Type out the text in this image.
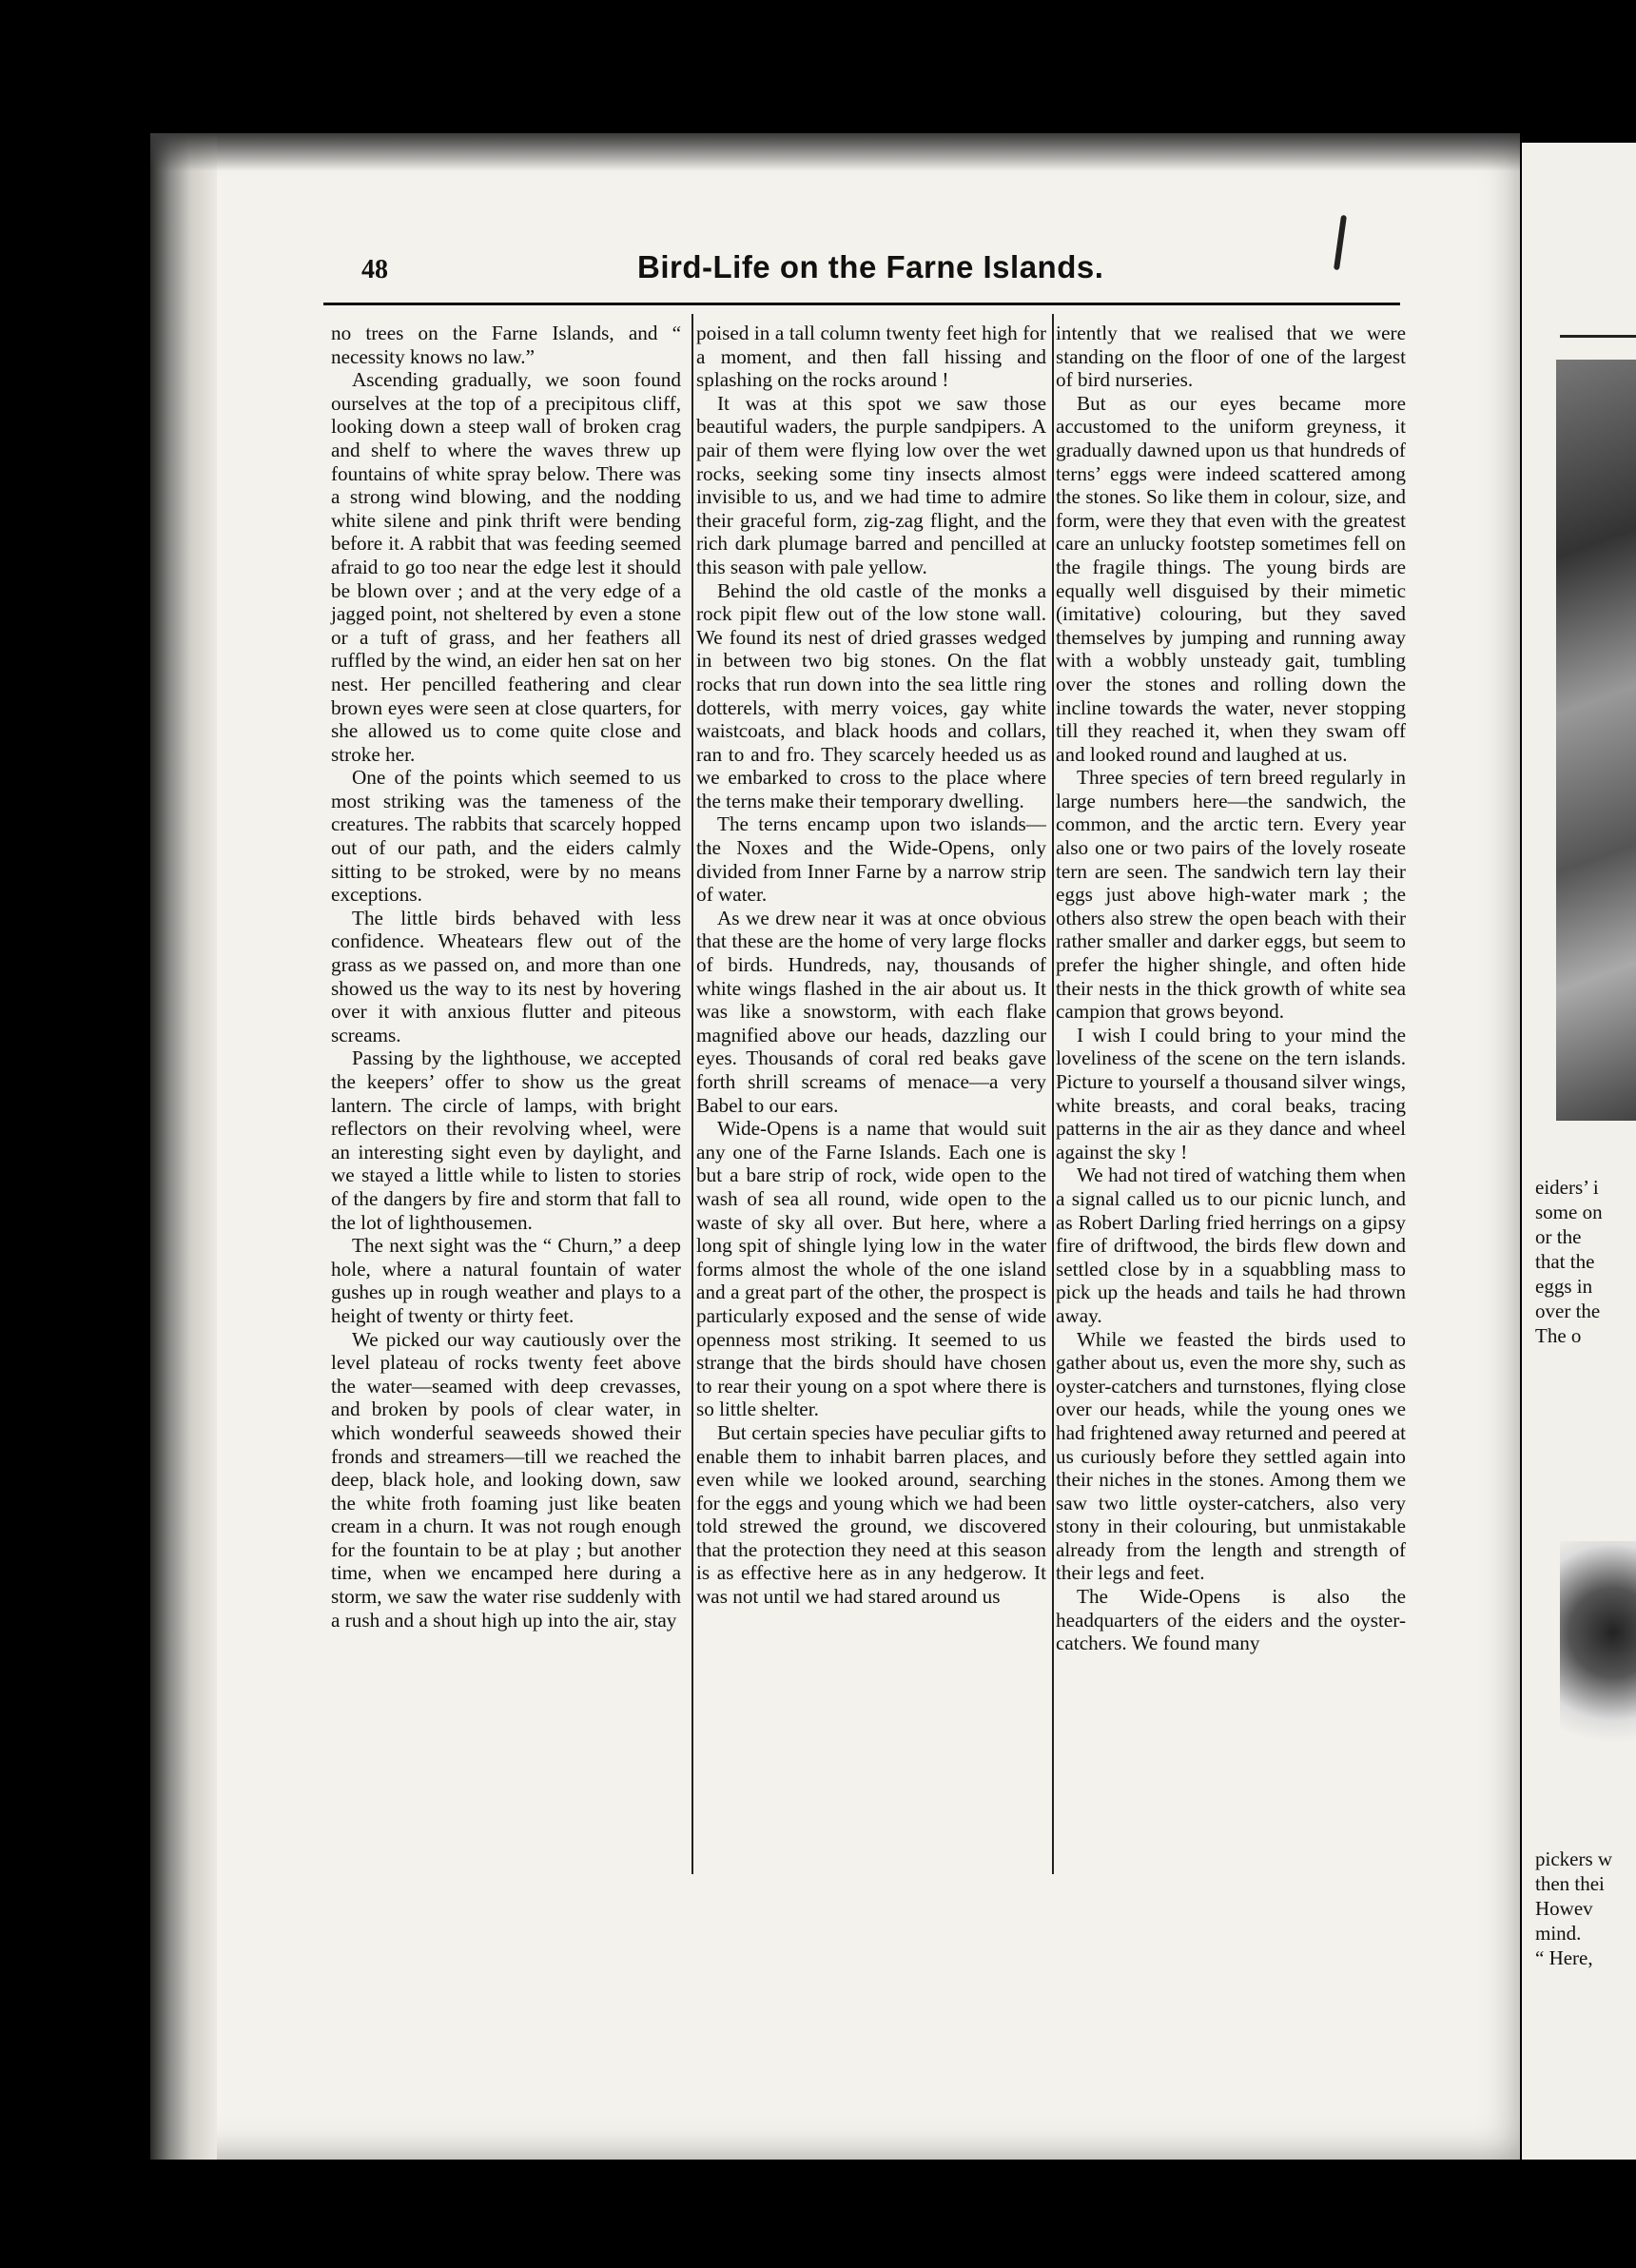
48	Bird-Life on the Farne Islands.

no trees on the Farne Islands, and “ necessity knows no law.”

Ascending gradually, we soon found ourselves at the top of a precipitous cliff, looking down a steep wall of broken crag and shelf to where the waves threw up fountains of white spray below. There was a strong wind blowing, and the nodding white silene and pink thrift were bending before it. A rabbit that was feeding seemed afraid to go too near the edge lest it should be blown over ; and at the very edge of a jagged point, not sheltered by even a stone or a tuft of grass, and her feathers all ruffled by the wind, an eider hen sat on her nest. Her pencilled feathering and clear brown eyes were seen at close quarters, for she allowed us to come quite close and stroke her.

One of the points which seemed to us most striking was the tameness of the creatures. The rabbits that scarcely hopped out of our path, and the eiders calmly sitting to be stroked, were by no means exceptions.

The little birds behaved with less confidence. Wheatears flew out of the grass as we passed on, and more than one showed us the way to its nest by hovering over it with anxious flutter and piteous screams.

Passing by the lighthouse, we accepted the keepers’ offer to show us the great lantern. The circle of lamps, with bright reflectors on their revolving wheel, were an interesting sight even by daylight, and we stayed a little while to listen to stories of the dangers by fire and storm that fall to the lot of lighthousemen.

The next sight was the “ Churn,” a deep hole, where a natural fountain of water gushes up in rough weather and plays to a height of twenty or thirty feet.

We picked our way cautiously over the level plateau of rocks twenty feet above the water—seamed with deep crevasses, and broken by pools of clear water, in which wonderful seaweeds showed their fronds and streamers—till we reached the deep, black hole, and looking down, saw the white froth foaming just like beaten cream in a churn. It was not rough enough for the fountain to be at play ; but another time, when we encamped here during a storm, we saw the water rise suddenly with a rush and a shout high up into the air, stay

poised in a tall column twenty feet high for a moment, and then fall hissing and splashing on the rocks around !

It was at this spot we saw those beautiful waders, the purple sandpipers. A pair of them were flying low over the wet rocks, seeking some tiny insects almost invisible to us, and we had time to admire their graceful form, zig-zag flight, and the rich dark plumage barred and pencilled at this season with pale yellow.

Behind the old castle of the monks a rock pipit flew out of the low stone wall. We found its nest of dried grasses wedged in between two big stones. On the flat rocks that run down into the sea little ring dotterels, with merry voices, gay white waistcoats, and black hoods and collars, ran to and fro. They scarcely heeded us as we embarked to cross to the place where the terns make their temporary dwelling.

The terns encamp upon two islands—the Noxes and the Wide-Opens, only divided from Inner Farne by a narrow strip of water.

As we drew near it was at once obvious that these are the home of very large flocks of birds. Hundreds, nay, thousands of white wings flashed in the air about us. It was like a snowstorm, with each flake magnified above our heads, dazzling our eyes. Thousands of coral red beaks gave forth shrill screams of menace—a very Babel to our ears.

Wide-Opens is a name that would suit any one of the Farne Islands. Each one is but a bare strip of rock, wide open to the wash of sea all round, wide open to the waste of sky all over. But here, where a long spit of shingle lying low in the water forms almost the whole of the one island and a great part of the other, the prospect is particularly exposed and the sense of wide openness most striking. It seemed to us strange that the birds should have chosen to rear their young on a spot where there is so little shelter.

But certain species have peculiar gifts to enable them to inhabit barren places, and even while we looked around, searching for the eggs and young which we had been told strewed the ground, we discovered that the protection they need at this season is as effective here as in any hedgerow. It was not until we had stared around us

intently that we realised that we were standing on the floor of one of the largest of bird nurseries.

But as our eyes became more accustomed to the uniform greyness, it gradually dawned upon us that hundreds of terns’ eggs were indeed scattered among the stones. So like them in colour, size, and form, were they that even with the greatest care an unlucky footstep sometimes fell on the fragile things. The young birds are equally well disguised by their mimetic (imitative) colouring, but they saved themselves by jumping and running away with a wobbly unsteady gait, tumbling over the stones and rolling down the incline towards the water, never stopping till they reached it, when they swam off and looked round and laughed at us.

Three species of tern breed regularly in large numbers here—the sandwich, the common, and the arctic tern. Every year also one or two pairs of the lovely roseate tern are seen. The sandwich tern lay their eggs just above high-water mark ; the others also strew the open beach with their rather smaller and darker eggs, but seem to prefer the higher shingle, and often hide their nests in the thick growth of white sea campion that grows beyond.

I wish I could bring to your mind the loveliness of the scene on the tern islands. Picture to yourself a thousand silver wings, white breasts, and coral beaks, tracing patterns in the air as they dance and wheel against the sky !

We had not tired of watching them when a signal called us to our picnic lunch, and as Robert Darling fried herrings on a gipsy fire of driftwood, the birds flew down and settled close by in a squabbling mass to pick up the heads and tails he had thrown away.

While we feasted the birds used to gather about us, even the more shy, such as oyster-catchers and turnstones, flying close over our heads, while the young ones we had frightened away returned and peered at us curiously before they settled again into their niches in the stones. Among them we saw two little oyster-catchers, also very stony in their colouring, but unmistakable already from the length and strength of their legs and feet.

The Wide-Opens is also the headquarters of the eiders and the oyster-catchers. We found many

eiders’ i
some on
or the
that the
eggs in
over the
The o
pickers w
then thei
Howev
mind.
“ Here,
